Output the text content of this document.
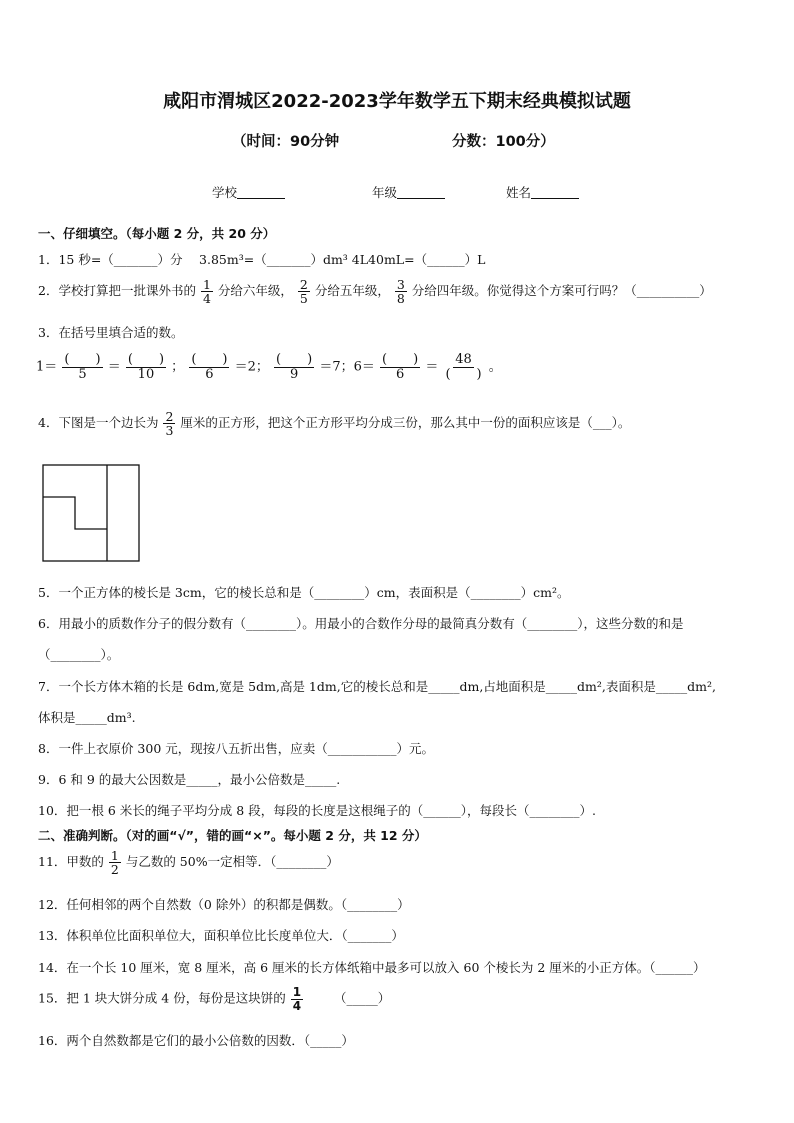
咸阳市渭城区2022-2023学年数学五下期末经典模拟试题
（时间：90分钟	分数：100分）
学校	年级	姓名
一、仔细填空。（每小题 2 分，共 20 分）
1．15 秒=（_______）分　 3.85m³=（_______）dm³ 4L40mL=（______）L
2．学校打算把一批课外书的 $\frac{1}{4}$ 分给六年级， $\frac{2}{5}$ 分给五年级， $\frac{3}{8}$ 分给四年级。你觉得这个方案可行吗？（__________）
3．在括号里填合适的数。
$1= \frac{( )}{5} = \frac{( )}{10}$ ； $\frac{( )}{6} =2$； $\frac{( )}{9} =7$；$6= \frac{( )}{6} = \frac{48}{( )}$ 。
4．下图是一个边长为 $\frac{2}{3}$ 厘米的正方形，把这个正方形平均分成三份，那么其中一份的面积应该是（___）。
5．一个正方体的棱长是 3cm，它的棱长总和是（________）cm，表面积是（________）cm²。
6．用最小的质数作分子的假分数有（________）。用最小的合数作分母的最简真分数有（________），这些分数的和是
（________）。
7．一个长方体木箱的长是 6dm,宽是 5dm,高是 1dm,它的棱长总和是_____dm,占地面积是_____dm²,表面积是_____dm²,
体积是_____dm³.
8．一件上衣原价 300 元，现按八五折出售，应卖（___________）元。
9．6 和 9 的最大公因数是_____，最小公倍数是_____.
10．把一根 6 米长的绳子平均分成 8 段，每段的长度是这根绳子的（______），每段长（________）.
二、准确判断。（对的画“√”，错的画“×”。每小题 2 分，共 12 分）
11．甲数的 $\frac{1}{2}$ 与乙数的 50%一定相等．（________）
12．任何相邻的两个自然数（0 除外）的积都是偶数。（________）
13．体积单位比面积单位大，面积单位比长度单位大．（_______）
14．在一个长 10 厘米，宽 8 厘米，高 6 厘米的长方体纸箱中最多可以放入 60 个棱长为 2 厘米的小正方体。（______）
15．把 1 块大饼分成 4 份，每份是这块饼的 $\frac{1}{4}$ （_____）
16．两个自然数都是它们的最小公倍数的因数．（_____）
